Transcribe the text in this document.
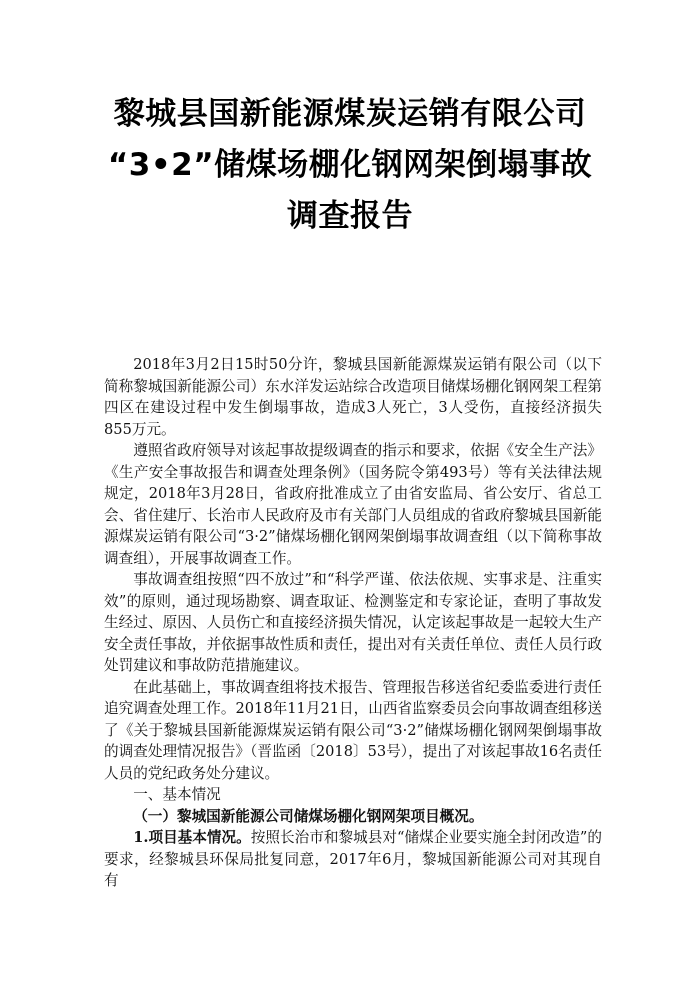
黎城县国新能源煤炭运销有限公司
“3•2”储煤场棚化钢网架倒塌事故
调查报告

2018年3月2日15时50分许，黎城县国新能源煤炭运销有限公司（以下简称黎城国新能源公司）东水洋发运站综合改造项目储煤场棚化钢网架工程第四区在建设过程中发生倒塌事故，造成3人死亡，3人受伤，直接经济损失855万元。

遵照省政府领导对该起事故提级调查的指示和要求，依据《安全生产法》《生产安全事故报告和调查处理条例》（国务院令第493号）等有关法律法规规定，2018年3月28日，省政府批准成立了由省安监局、省公安厅、省总工会、省住建厅、长治市人民政府及市有关部门人员组成的省政府黎城县国新能源煤炭运销有限公司“3·2”储煤场棚化钢网架倒塌事故调查组（以下简称事故调查组），开展事故调查工作。

事故调查组按照“四不放过”和“科学严谨、依法依规、实事求是、注重实效”的原则，通过现场勘察、调查取证、检测鉴定和专家论证，查明了事故发生经过、原因、人员伤亡和直接经济损失情况，认定该起事故是一起较大生产安全责任事故，并依据事故性质和责任，提出对有关责任单位、责任人员行政处罚建议和事故防范措施建议。

在此基础上，事故调查组将技术报告、管理报告移送省纪委监委进行责任追究调查处理工作。2018年11月21日，山西省监察委员会向事故调查组移送了《关于黎城县国新能源煤炭运销有限公司“3·2”储煤场棚化钢网架倒塌事故的调查处理情况报告》（晋监函〔2018〕53号），提出了对该起事故16名责任人员的党纪政务处分建议。

一、基本情况

（一）黎城国新能源公司储煤场棚化钢网架项目概况。

1.项目基本情况。按照长治市和黎城县对“储煤企业要实施全封闭改造”的要求，经黎城县环保局批复同意，2017年6月，黎城国新能源公司对其现自有
